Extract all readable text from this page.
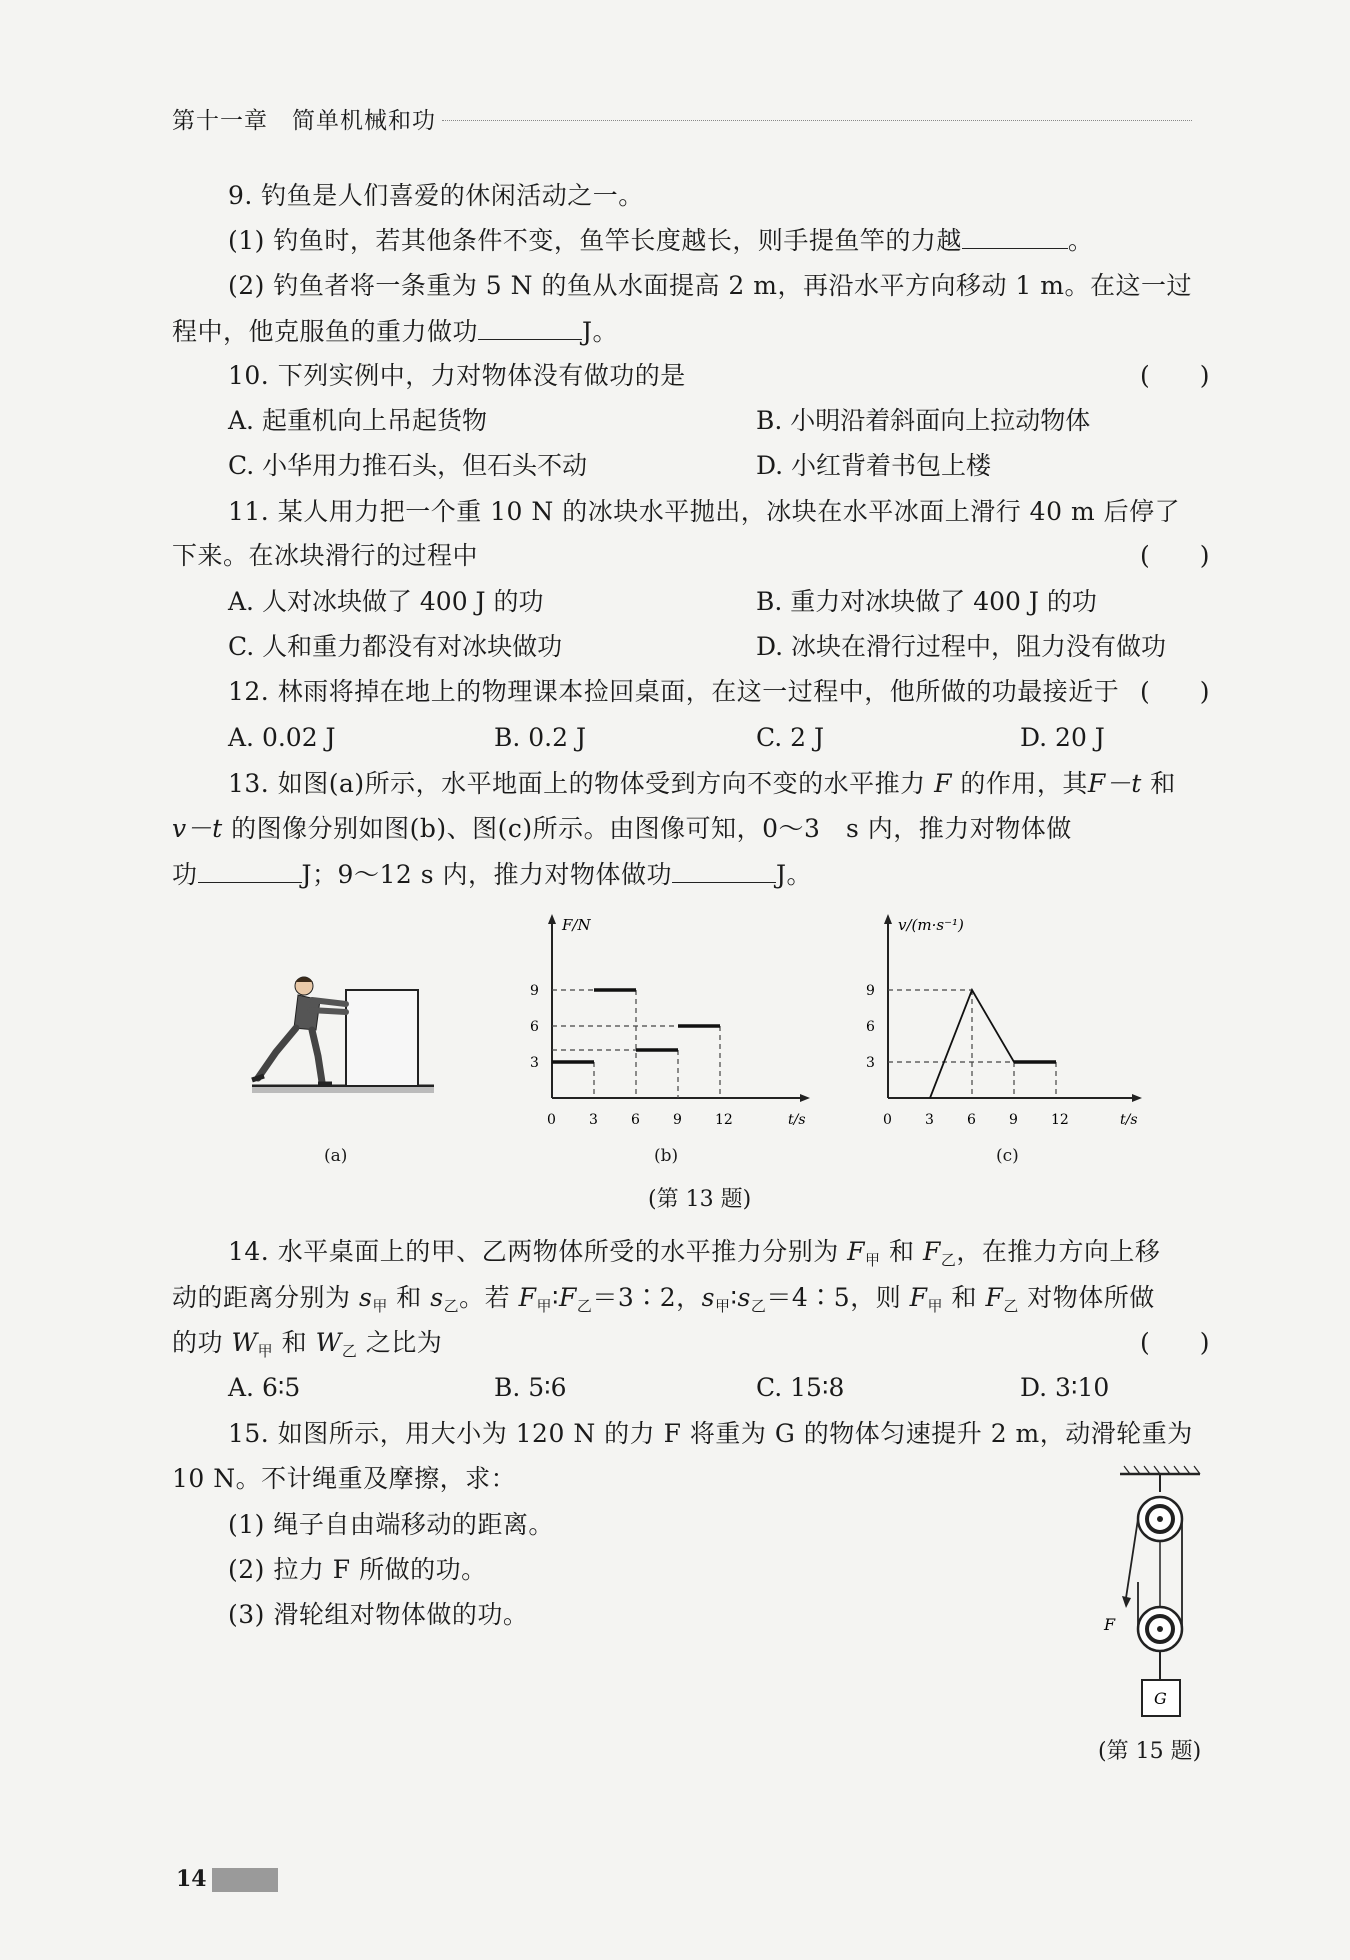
第十一章　简单机械和功
9. 钓鱼是人们喜爱的休闲活动之一。
(1) 钓鱼时，若其他条件不变，鱼竿长度越长，则手提鱼竿的力越	。
(2) 钓鱼者将一条重为 5 N 的鱼从水面提高 2 m，再沿水平方向移动 1 m。在这一过
程中，他克服鱼的重力做功	J。
10. 下列实例中，力对物体没有做功的是	(　　)
A. 起重机向上吊起货物	B. 小明沿着斜面向上拉动物体
C. 小华用力推石头，但石头不动	D. 小红背着书包上楼
11. 某人用力把一个重 10 N 的冰块水平抛出，冰块在水平冰面上滑行 40 m 后停了
下来。在冰块滑行的过程中	(　　)
A. 人对冰块做了 400 J 的功	B. 重力对冰块做了 400 J 的功
C. 人和重力都没有对冰块做功	D. 冰块在滑行过程中，阻力没有做功
12. 林雨将掉在地上的物理课本捡回桌面，在这一过程中，他所做的功最接近于 (　　)
A. 0.02 J	B. 0.2 J	C. 2 J	D. 20 J
13. 如图(a)所示，水平地面上的物体受到方向不变的水平推力 F 的作用，其F－t 和
v－t 的图像分别如图(b)、图(c)所示。由图像可知，0～3　s 内，推力对物体做
功	J；9～12 s 内，推力对物体做功	J。
(a)
F/N
t/s
0 3 6 9 12
3
6
9
(b)
v/(m·s⁻¹)
t/s
0 3 6 9 12
3
6
9
(c)
(第 13 题)
14. 水平桌面上的甲、乙两物体所受的水平推力分别为 $F_甲$ 和 $F_乙$，在推力方向上移
动的距离分别为 $s_甲$ 和 $s_乙$。若 $F_甲∶F_乙=3∶2$，$s_甲∶s_乙=4∶5$，则 $F_甲$ 和 $F_乙$ 对物体所做
的功 $W_甲$ 和 $W_乙$ 之比为	(　　)
A. 6∶5	B. 5∶6	C. 15∶8	D. 3∶10
15. 如图所示，用大小为 120 N 的力 F 将重为 G 的物体匀速提升 2 m，动滑轮重为
10 N。不计绳重及摩擦，求：
(1) 绳子自由端移动的距离。
(2) 拉力 F 所做的功。
(3) 滑轮组对物体做的功。
G
F
(第 15 题)
14
